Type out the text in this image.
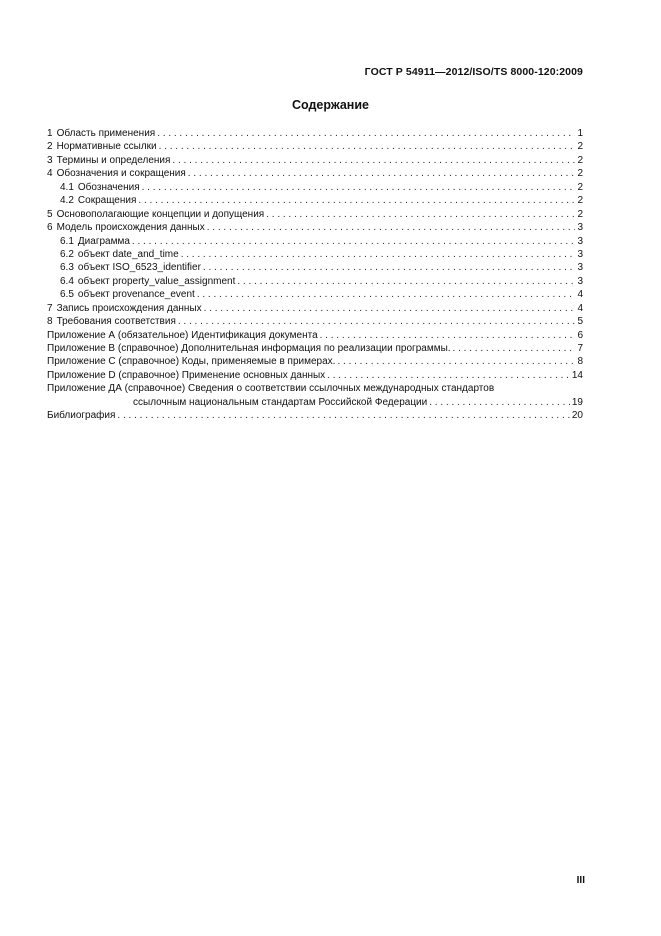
ГОСТ Р 54911—2012/ISO/TS 8000-120:2009
Содержание
1 Область применения . . .	1
2 Нормативные ссылки . . .	2
3 Термины и определения . . .	2
4 Обозначения и сокращения . . .	2
4.1 Обозначения . . .	2
4.2 Сокращения . . .	2
5 Основополагающие концепции и допущения . . .	2
6 Модель происхождения данных . . .	3
6.1 Диаграмма . . .	3
6.2 объект date_and_time . . .	3
6.3 объект ISO_6523_identifier . . .	3
6.4 объект property_value_assignment . . .	3
6.5 объект provenance_event . . .	4
7 Запись происхождения данных . . .	4
8 Требования соответствия . . .	5
Приложение А (обязательное) Идентификация документа . . .	6
Приложение В (справочное) Дополнительная информация по реализации программы. . . .	7
Приложение С (справочное) Коды, применяемые в примерах. . . .	8
Приложение D (справочное) Применение основных данных . . .	14
Приложение ДА (справочное) Сведения о соответствии ссылочных международных стандартов
ссылочным национальным стандартам Российской Федерации . . .	19
Библиография . . .	20
III
